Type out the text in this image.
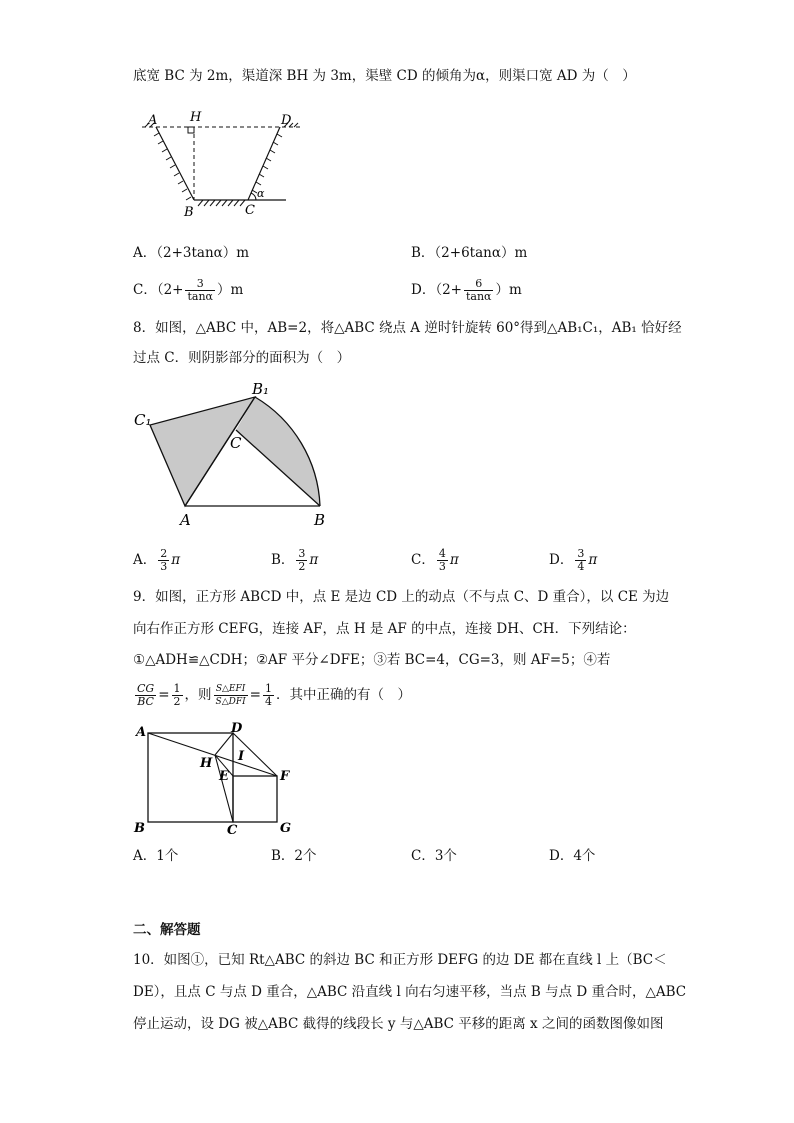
底宽 BC 为 2m，渠道深 BH 为 3m，渠壁 CD 的倾角为α，则渠口宽 AD 为（　）
A	H	D
B	C
α
A．（2+3tanα）m	B．（2+6tanα）m
C．$(2+ \frac{3}{\tan\alpha} )m$	D．$(2+ \frac{6}{\tan\alpha} )m$
8．如图，△ABC 中，AB=2，将△ABC 绕点 A 逆时针旋转 60°得到△AB₁C₁，AB₁ 恰好经
过点 C．则阴影部分的面积为（　）
A	B
C
B₁
C₁
A． $\frac{2}{3}$ π	B． $\frac{3}{2}$ π	C． $\frac{4}{3}$ π	D． $\frac{3}{4}$ π
9．如图，正方形 ABCD 中，点 E 是边 CD 上的动点（不与点 C、D 重合），以 CE 为边
向右作正方形 CEFG，连接 AF，点 H 是 AF 的中点，连接 DH、CH．下列结论：
①△ADH≌△CDH；②AF 平分∠DFE；③若 BC=4，CG=3，则 AF=5；④若
$\frac{CG}{BC} = \frac{1}{2}$ ，则 $\frac{\text{S△EFI}}{\text{S△DFI}} = \frac{1}{4}$ ．其中正确的有（　）
A	D
B	C	G
F
E
H I
A．1个	B．2个	C．3个	D．4个
二、解答题
10．如图①，已知 Rt△ABC 的斜边 BC 和正方形 DEFG 的边 DE 都在直线 l 上（BC＜
DE），且点 C 与点 D 重合，△ABC 沿直线 l 向右匀速平移，当点 B 与点 D 重合时，△ABC
停止运动，设 DG 被△ABC 截得的线段长 y 与△ABC 平移的距离 x 之间的函数图像如图
